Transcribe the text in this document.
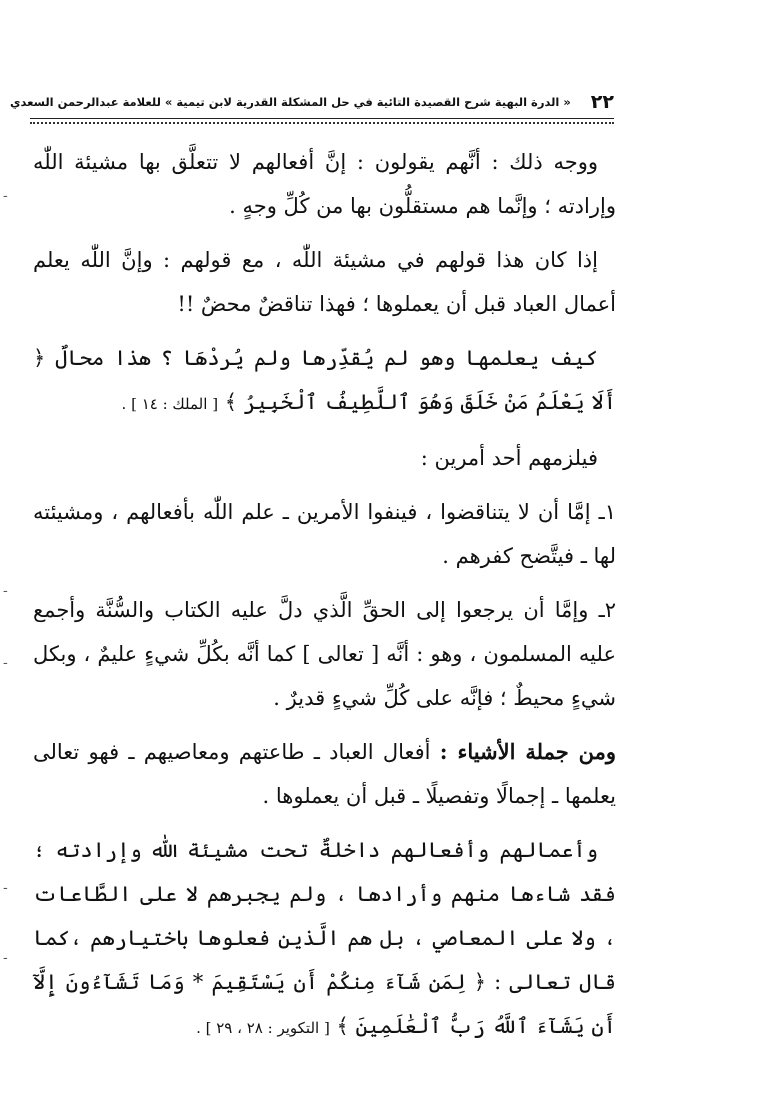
٢٢
« الدرة البهية شرح القصيدة التائية في حل المشكلة القدرية لابن تيمية » للعلامة عبدالرحمن السعدي
-
-
-
-
-

ووجه ذلك : أنَّهم يقولون : إنَّ أفعالهم لا تتعلَّق بها مشيئة اللّٰه وإرادته ؛ وإنَّما هم مستقلُّون بها من كُلِّ وجهٍ .

إذا كان هذا قولهم في مشيئة اللّٰه ، مع قولهم : وإنَّ اللّٰه يعلم أعمال العباد قبل أن يعملوها ؛ فهذا تناقضٌ محضٌ !!

كيف يعلمها وهو لم يُقدِّرها ولم يُردْهَا ؟ هذا محالٌ ﴿ أَلَا يَعْلَمُ مَنْ خَلَقَ وَهُوَ ٱللَّطِيفُ ٱلْخَبِيرُ ﴾ [ الملك : ١٤ ] .

فيلزمهم أحد أمرين :

١ـ إمَّا أن لا يتناقضوا ، فينفوا الأمرين ـ علم اللّٰه بأفعالهم ، ومشيئته لها ـ فيتَّضح كفرهم .

٢ـ وإمَّا أن يرجعوا إلى الحقِّ الَّذي دلَّ عليه الكتاب والسُّنَّة وأجمع عليه المسلمون ، وهو : أنَّه [ تعالى ] كما أنَّه بكُلِّ شيءٍ عليمٌ ، وبكل شيءٍ محيطٌ ؛ فإنَّه على كُلِّ شيءٍ قديرٌ .

ومن جملة الأشياء : أفعال العباد ـ طاعتهم ومعاصيهم ـ فهو تعالى يعلمها ـ إجمالًا وتفصيلًا ـ قبل أن يعملوها .

وأعمالهم وأفعالهم داخلةٌ تحت مشيئة اللّٰه وإرادته ؛ فقد شاءها منهم وأرادها ، ولم يجبرهم لا على الطَّاعات ، ولا على المعاصي ، بل هم الَّذين فعلوها باختيارهم ،كما قال تعالى : ﴿ لِمَن شَآءَ مِنكُمْ أَن يَسْتَقِيمَ * وَمَا تَشَآءُونَ إِلَّآ أَن يَشَآءَ ٱللَّهُ رَبُّ ٱلْعَٰلَمِينَ ﴾ [ التكوير : ٢٨ ، ٢٩ ] .
